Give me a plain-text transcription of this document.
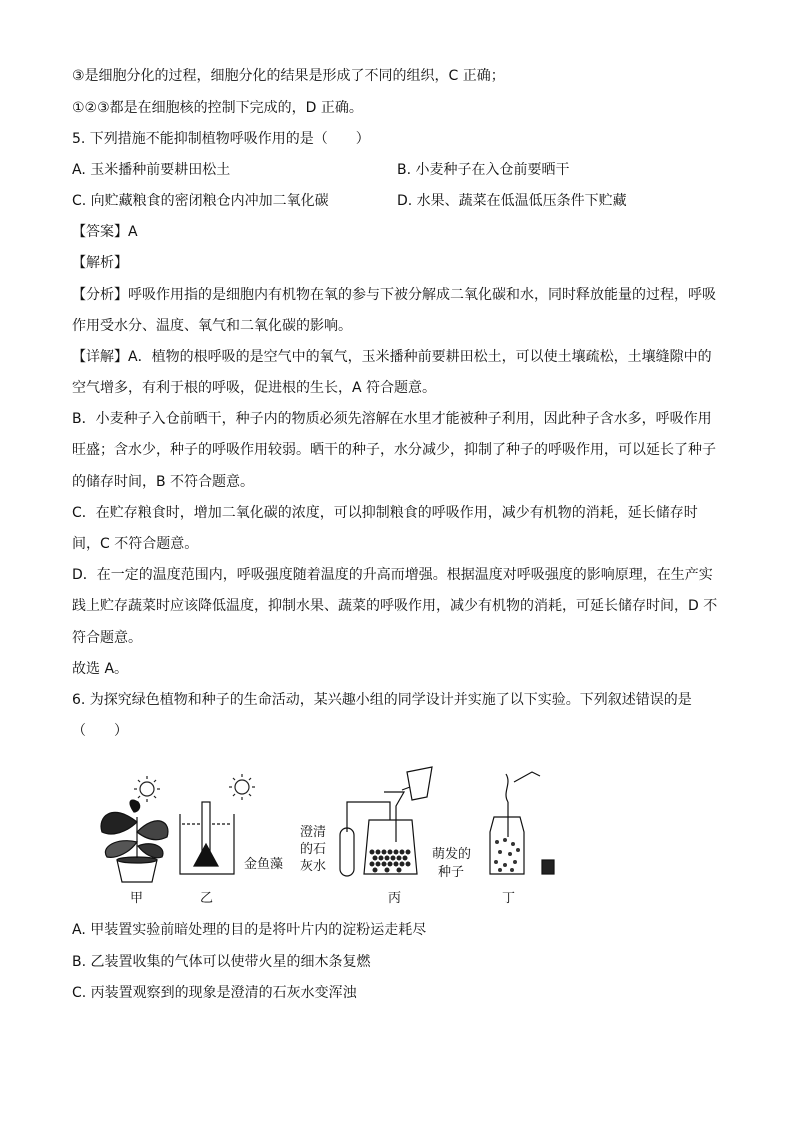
③是细胞分化的过程，细胞分化的结果是形成了不同的组织，C 正确；
①②③都是在细胞核的控制下完成的，D 正确。
5. 下列措施不能抑制植物呼吸作用的是（　　）
A. 玉米播种前要耕田松土	B. 小麦种子在入仓前要晒干
C. 向贮藏粮食的密闭粮仓内冲加二氧化碳	D. 水果、蔬菜在低温低压条件下贮藏
【答案】A
【解析】
【分析】呼吸作用指的是细胞内有机物在氧的参与下被分解成二氧化碳和水，同时释放能量的过程，呼吸
作用受水分、温度、氧气和二氧化碳的影响。
【详解】A．植物的根呼吸的是空气中的氧气，玉米播种前要耕田松土，可以使土壤疏松，土壤缝隙中的
空气增多，有利于根的呼吸，促进根的生长，A 符合题意。
B．小麦种子入仓前晒干，种子内的物质必须先溶解在水里才能被种子利用，因此种子含水多，呼吸作用
旺盛；含水少，种子的呼吸作用较弱。晒干的种子，水分减少，抑制了种子的呼吸作用，可以延长了种子
的储存时间，B 不符合题意。
C．在贮存粮食时，增加二氧化碳的浓度，可以抑制粮食的呼吸作用，减少有机物的消耗，延长储存时
间，C 不符合题意。
D．在一定的温度范围内，呼吸强度随着温度的升高而增强。根据温度对呼吸强度的影响原理，在生产实
践上贮存蔬菜时应该降低温度，抑制水果、蔬菜的呼吸作用，减少有机物的消耗，可延长储存时间，D 不
符合题意。
故选 A。
6. 为探究绿色植物和种子的生命活动，某兴趣小组的同学设计并实施了以下实验。下列叙述错误的是
（　　）
甲	乙
金鱼藻
澄清
的石
灰水
丙
萌发的
种子
丁
A. 甲装置实验前暗处理的目的是将叶片内的淀粉运走耗尽
B. 乙装置收集的气体可以使带火星的细木条复燃
C. 丙装置观察到的现象是澄清的石灰水变浑浊
